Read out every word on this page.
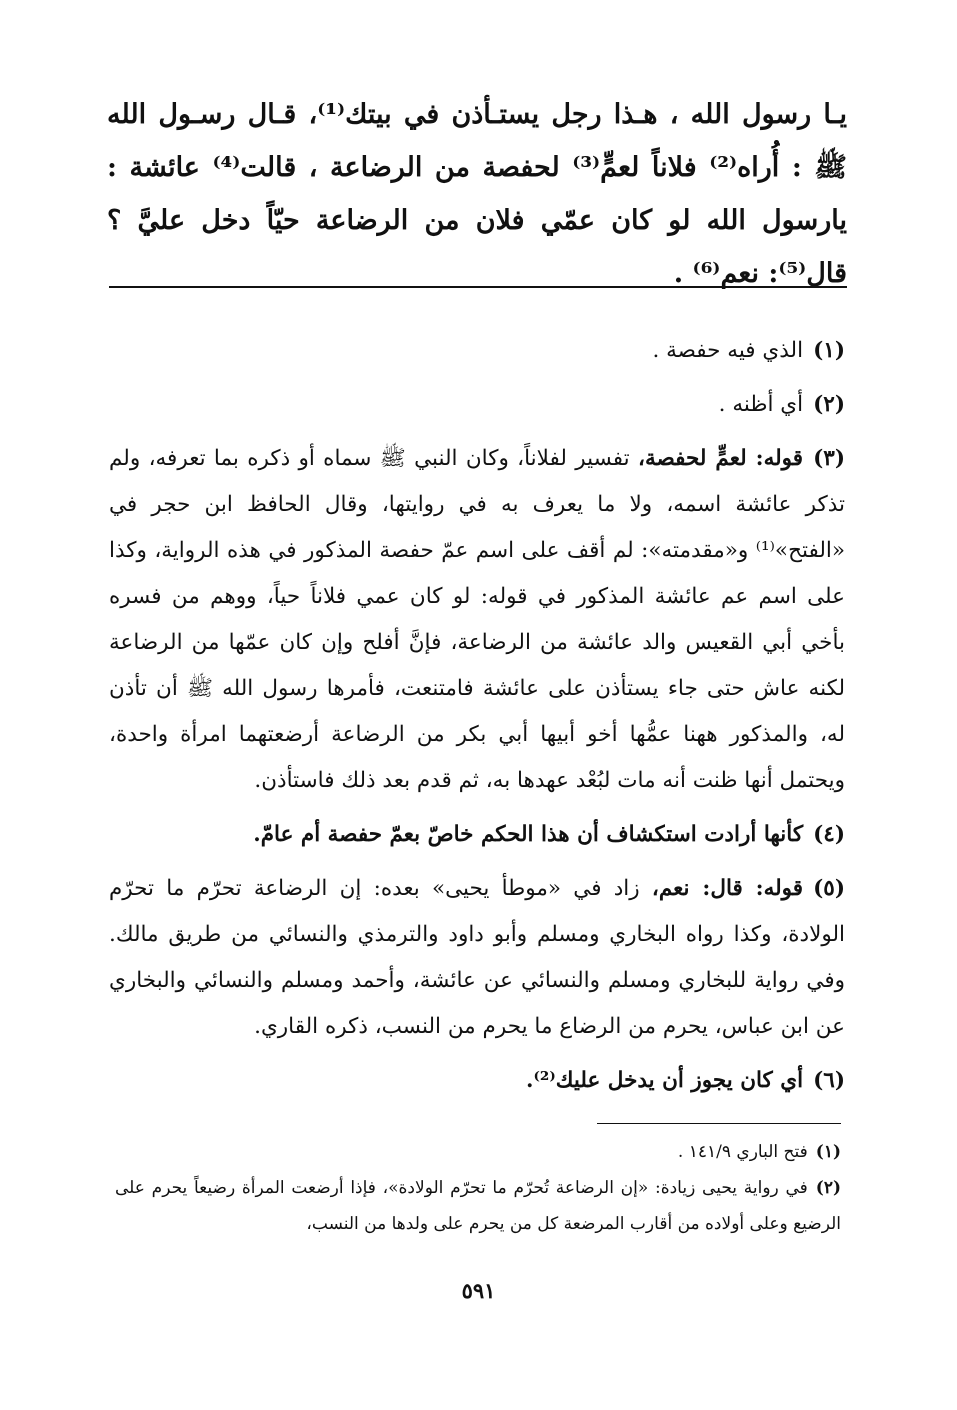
يـا رسول الله ، هـذا رجل يستـأذن في بيتك⁽¹⁾، قـال رسـول الله ﷺ : أُراه⁽²⁾ فلاناً لعمٍّ⁽³⁾ لحفصة من الرضاعة ، قالت⁽⁴⁾ عائشة : يارسول الله لو كان عمّي فلان من الرضاعة حيّاً دخل عليَّ ؟ قال⁽⁵⁾: نعم⁽⁶⁾ .

(١)الذي فيه حفصة .

(٢)أي أظنه .

(٣)قوله: لعمٍّ لحفصة، تفسير لفلاناً، وكان النبي ﷺ سماه أو ذكره بما تعرفه، ولم تذكر عائشة اسمه، ولا ما يعرف به في روايتها، وقال الحافظ ابن حجر في «الفتح»⁽¹⁾ و«مقدمته»: لم أقف على اسم عمّ حفصة المذكور في هذه الرواية، وكذا على اسم عم عائشة المذكور في قوله: لو كان عمي فلاناً حياً، ووهم من فسره بأخي أبي القعيس والد عائشة من الرضاعة، فإنَّ أفلح وإن كان عمّها من الرضاعة لكنه عاش حتى جاء يستأذن على عائشة فامتنعت، فأمرها رسول الله ﷺ أن تأذن له، والمذكور ههنا عمُّها أخو أبيها أبي بكر من الرضاعة أرضعتهما امرأة واحدة، ويحتمل أنها ظنت أنه مات لبُعْد عهدها به، ثم قدم بعد ذلك فاستأذن.

(٤)كأنها أرادت استكشاف أن هذا الحكم خاصّ بعمّ حفصة أم عامّ.

(٥)قوله: قال: نعم، زاد في «موطأ يحيى» بعده: إن الرضاعة تحرّم ما تحرّم الولادة، وكذا رواه البخاري ومسلم وأبو داود والترمذي والنسائي من طريق مالك. وفي رواية للبخاري ومسلم والنسائي عن عائشة، وأحمد ومسلم والنسائي والبخاري عن ابن عباس، يحرم من الرضاع ما يحرم من النسب، ذكره القاري.

(٦)أي كان يجوز أن يدخل عليك⁽²⁾.

(١)فتح الباري ١٤١/٩ .

(٢)في رواية يحيى زيادة: «إن الرضاعة تُحرّم ما تحرّم الولادة»، فإذا أرضعت المرأة رضيعاً يحرم على الرضيع وعلى أولاده من أقارب المرضعة كل من يحرم على ولدها من النسب،

٥٩١
